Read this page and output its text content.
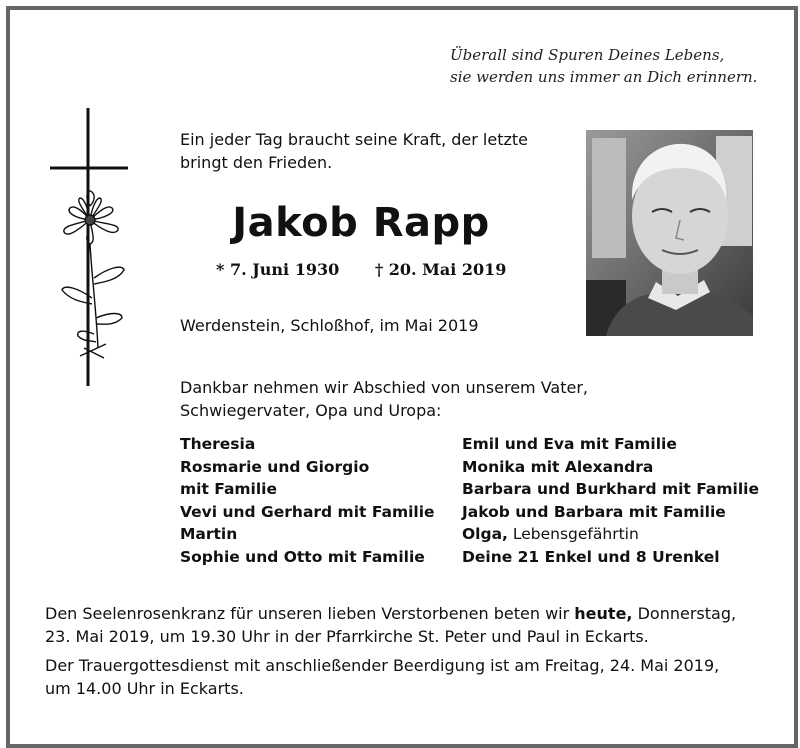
Überall sind Spuren Deines Lebens,
sie werden uns immer an Dich erinnern.
Ein jeder Tag braucht seine Kraft, der letzte
bringt den Frieden.
Jakob Rapp
* 7. Juni 1930 † 20. Mai 2019
Werdenstein, Schloßhof, im Mai 2019
Dankbar nehmen wir Abschied von unserem Vater,
Schwiegervater, Opa und Uropa:
Theresia
Rosmarie und Giorgio
mit Familie
Vevi und Gerhard mit Familie
Martin
Sophie und Otto mit Familie
Emil und Eva mit Familie
Monika mit Alexandra
Barbara und Burkhard mit Familie
Jakob und Barbara mit Familie
Olga, Lebensgefährtin
Deine 21 Enkel und 8 Urenkel
Den Seelenrosenkranz für unseren lieben Verstorbenen beten wir heute, Donnerstag,
23. Mai 2019, um 19.30 Uhr in der Pfarrkirche St. Peter und Paul in Eckarts.
Der Trauergottesdienst mit anschließender Beerdigung ist am Freitag, 24. Mai 2019,
um 14.00 Uhr in Eckarts.
